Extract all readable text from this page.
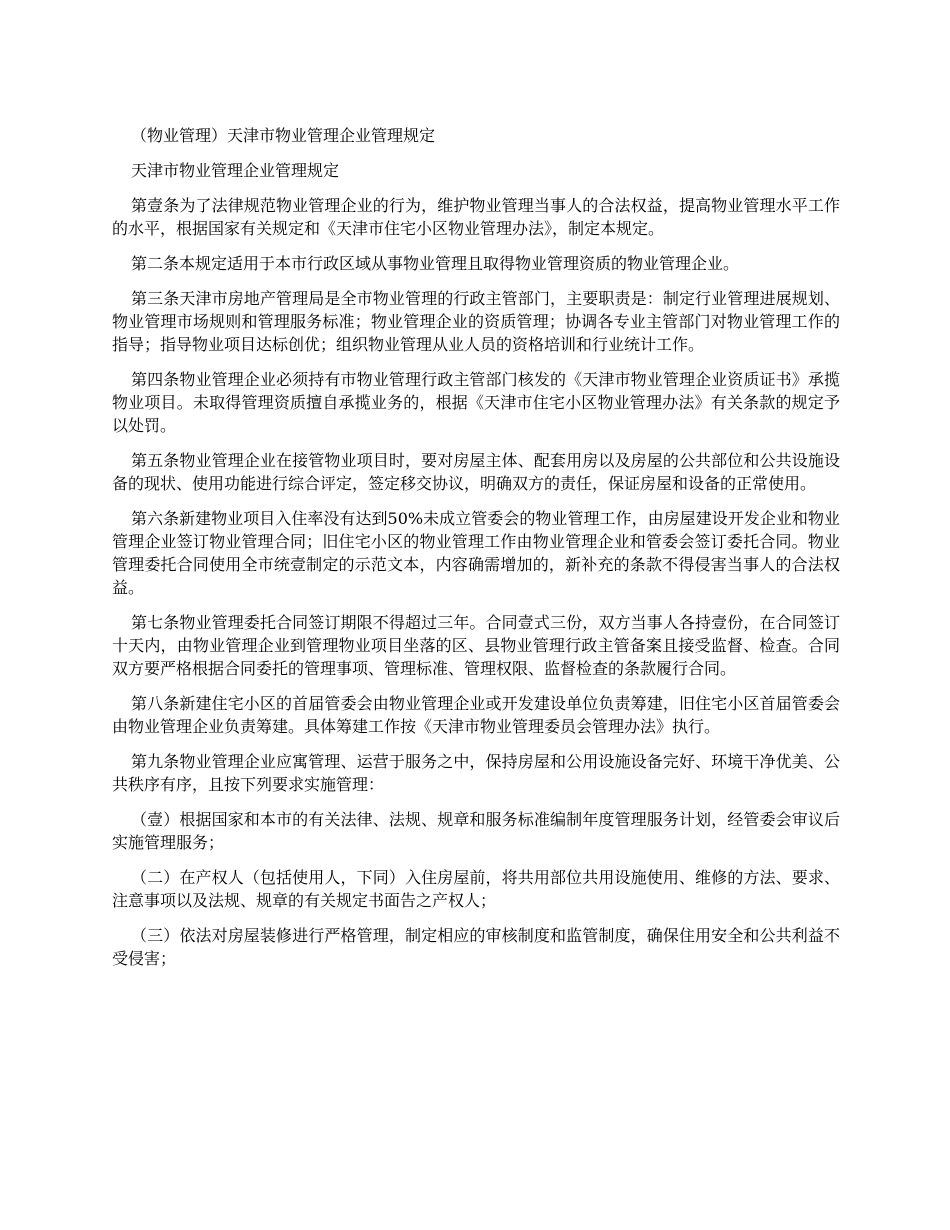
（物业管理）天津市物业管理企业管理规定

天津市物业管理企业管理规定

第壹条为了法律规范物业管理企业的行为，维护物业管理当事人的合法权益，提高物业管理水平工作的水平，根据国家有关规定和《天津市住宅小区物业管理办法》，制定本规定。

第二条本规定适用于本市行政区域从事物业管理且取得物业管理资质的物业管理企业。

第三条天津市房地产管理局是全市物业管理的行政主管部门，主要职责是：制定行业管理进展规划、物业管理市场规则和管理服务标准；物业管理企业的资质管理；协调各专业主管部门对物业管理工作的指导；指导物业项目达标创优；组织物业管理从业人员的资格培训和行业统计工作。

第四条物业管理企业必须持有市物业管理行政主管部门核发的《天津市物业管理企业资质证书》承揽物业项目。未取得管理资质擅自承揽业务的，根据《天津市住宅小区物业管理办法》有关条款的规定予以处罚。

第五条物业管理企业在接管物业项目时，要对房屋主体、配套用房以及房屋的公共部位和公共设施设备的现状、使用功能进行综合评定，签定移交协议，明确双方的责任，保证房屋和设备的正常使用。

第六条新建物业项目入住率没有达到50%未成立管委会的物业管理工作，由房屋建设开发企业和物业管理企业签订物业管理合同；旧住宅小区的物业管理工作由物业管理企业和管委会签订委托合同。物业管理委托合同使用全市统壹制定的示范文本，内容确需增加的，新补充的条款不得侵害当事人的合法权益。

第七条物业管理委托合同签订期限不得超过三年。合同壹式三份，双方当事人各持壹份，在合同签订十天内，由物业管理企业到管理物业项目坐落的区、县物业管理行政主管备案且接受监督、检查。合同双方要严格根据合同委托的管理事项、管理标准、管理权限、监督检查的条款履行合同。

第八条新建住宅小区的首届管委会由物业管理企业或开发建设单位负责筹建，旧住宅小区首届管委会由物业管理企业负责筹建。具体筹建工作按《天津市物业管理委员会管理办法》执行。

第九条物业管理企业应寓管理、运营于服务之中，保持房屋和公用设施设备完好、环境干净优美、公共秩序有序，且按下列要求实施管理：

（壹）根据国家和本市的有关法律、法规、规章和服务标准编制年度管理服务计划，经管委会审议后实施管理服务；

（二）在产权人（包括使用人，下同）入住房屋前，将共用部位共用设施使用、维修的方法、要求、注意事项以及法规、规章的有关规定书面告之产权人；

（三）依法对房屋装修进行严格管理，制定相应的审核制度和监管制度，确保住用安全和公共利益不受侵害；
